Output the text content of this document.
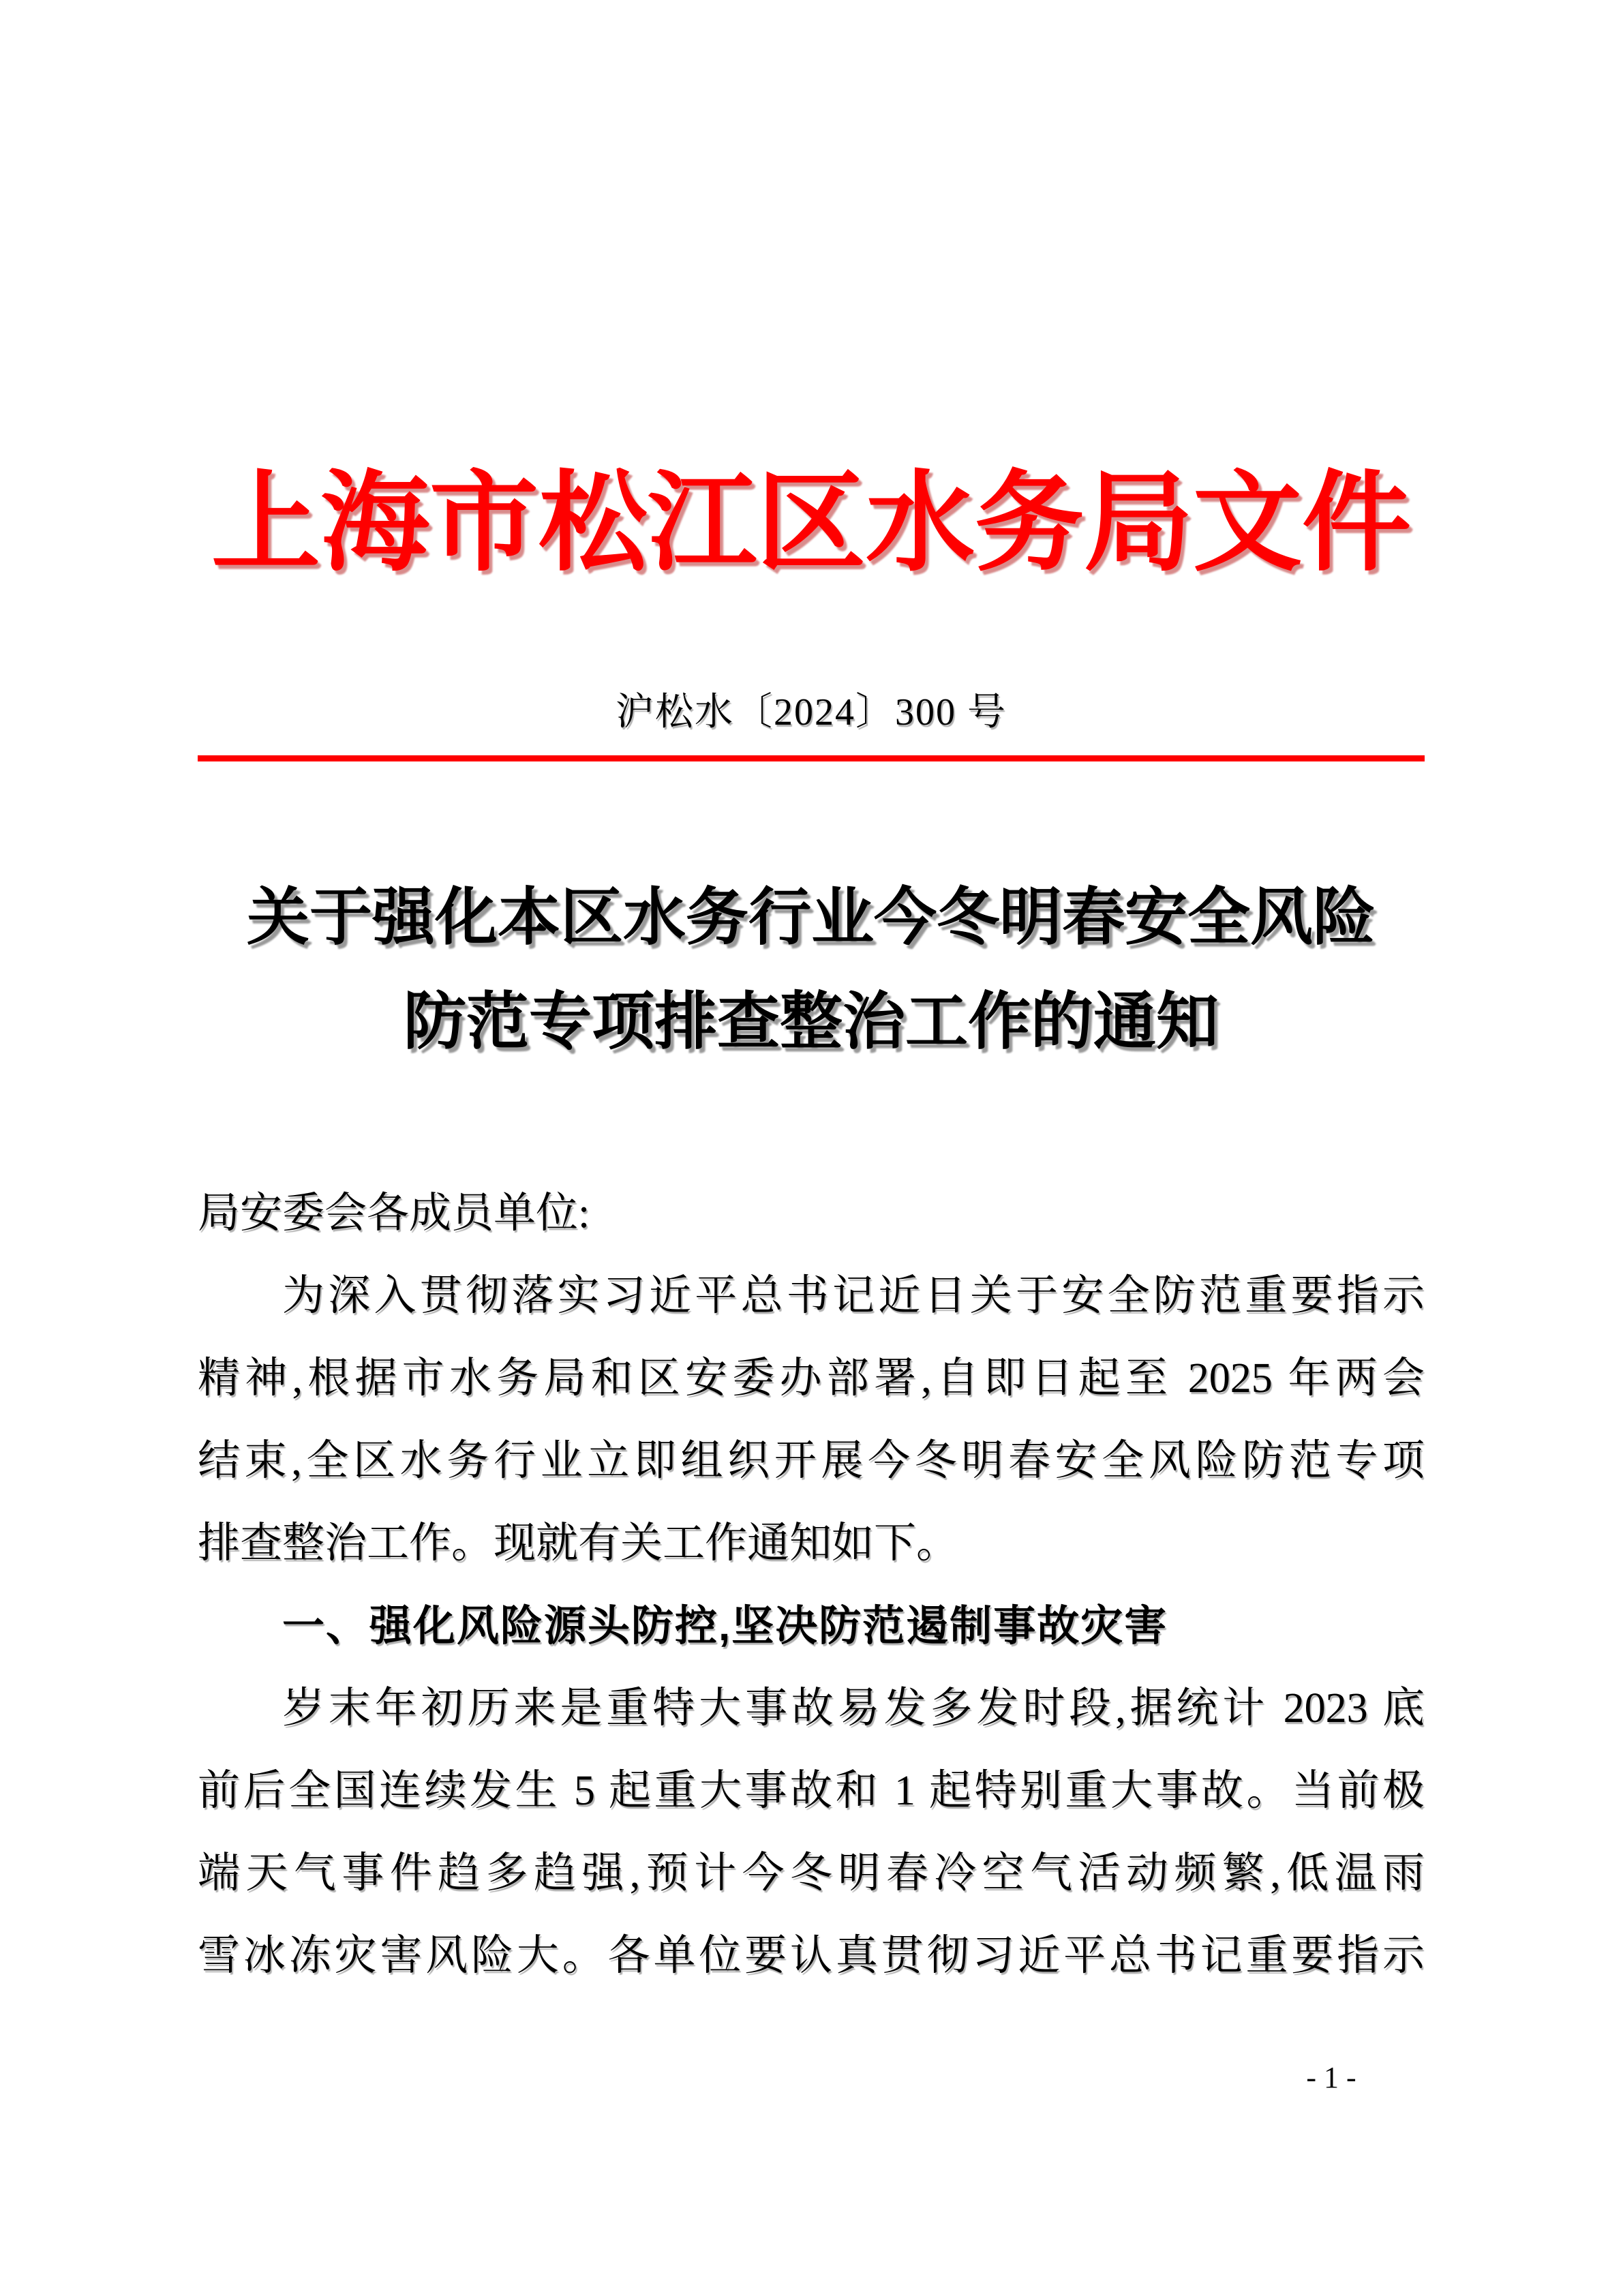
上海市松江区水务局文件
沪松水〔2024〕300 号
关于强化本区水务行业今冬明春安全风险
防范专项排查整治工作的通知
局安委会各成员单位:
为深入贯彻落实习近平总书记近日关于安全防范重要指示
精神,根据市水务局和区安委办部署,自即日起至 2025 年两会
结束,全区水务行业立即组织开展今冬明春安全风险防范专项
排查整治工作。现就有关工作通知如下。
一、强化风险源头防控,坚决防范遏制事故灾害
岁末年初历来是重特大事故易发多发时段,据统计 2023 底
前后全国连续发生 5 起重大事故和 1 起特别重大事故。当前极
端天气事件趋多趋强,预计今冬明春冷空气活动频繁,低温雨
雪冰冻灾害风险大。各单位要认真贯彻习近平总书记重要指示
- 1 -
